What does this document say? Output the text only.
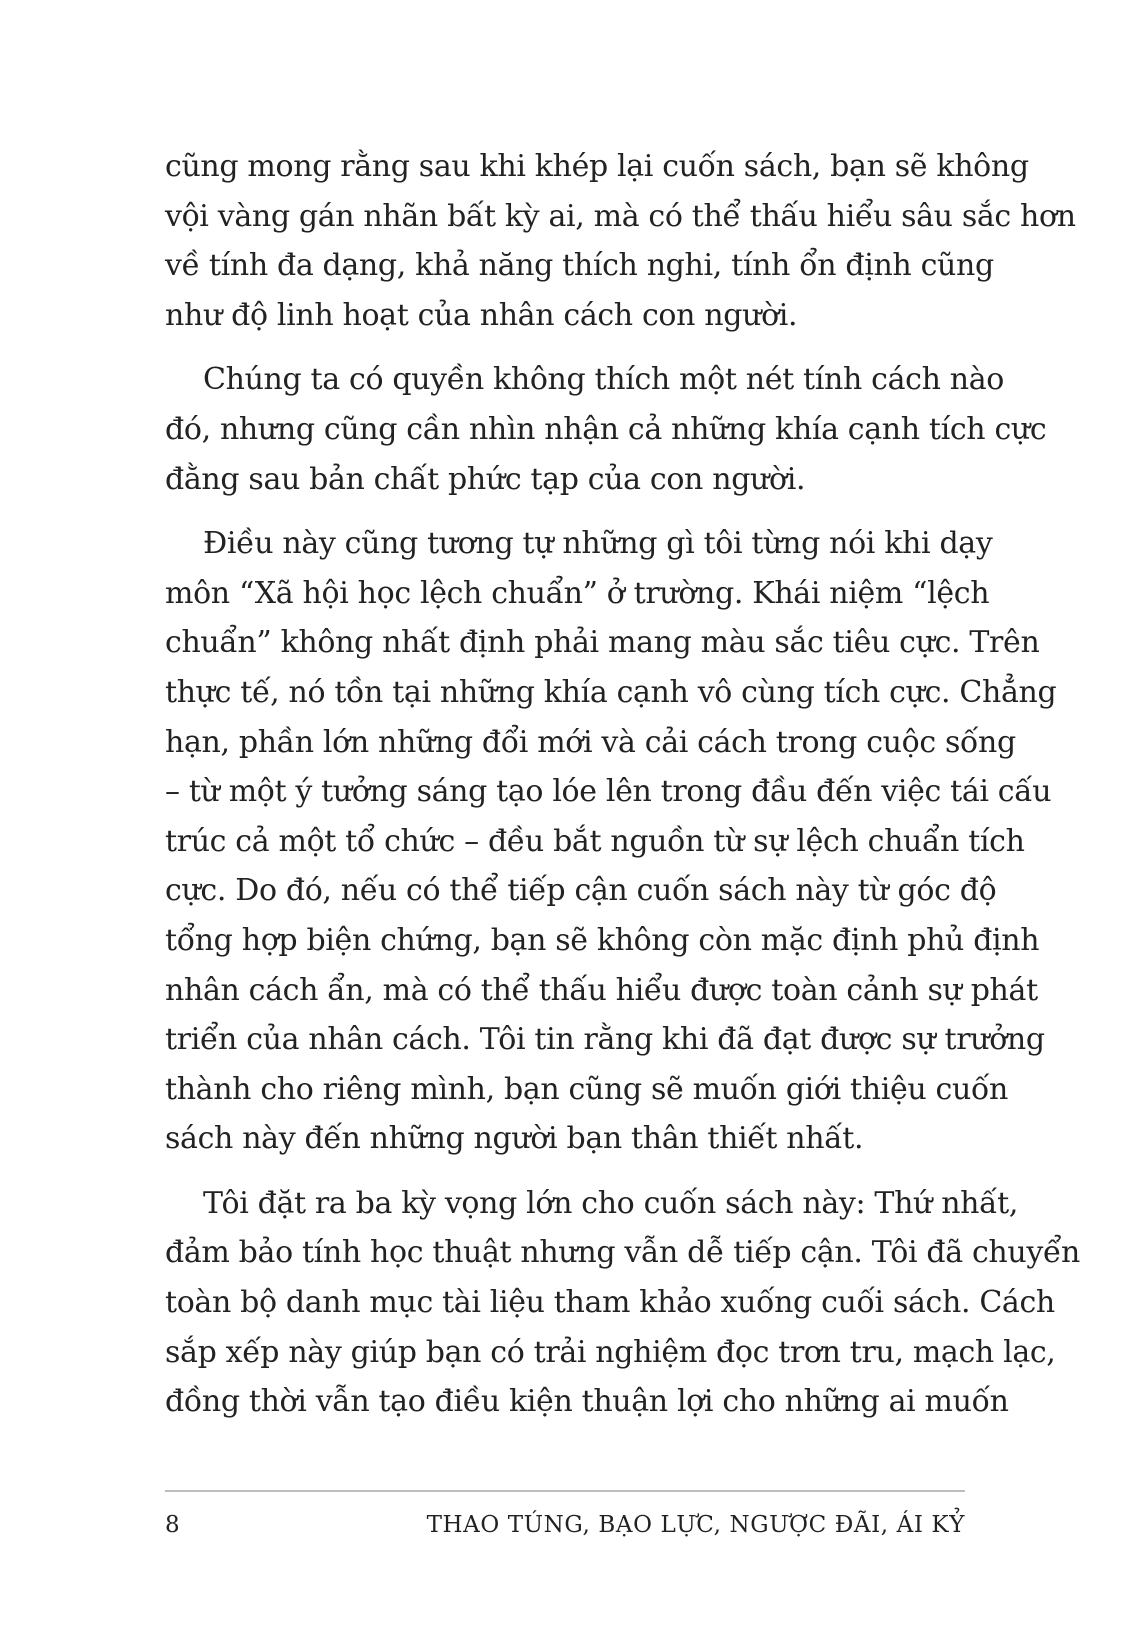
cũng mong rằng sau khi khép lại cuốn sách, bạn sẽ không
vội vàng gán nhãn bất kỳ ai, mà có thể thấu hiểu sâu sắc hơn
về tính đa dạng, khả năng thích nghi, tính ổn định cũng
như độ linh hoạt của nhân cách con người.

Chúng ta có quyền không thích một nét tính cách nào
đó, nhưng cũng cần nhìn nhận cả những khía cạnh tích cực
đằng sau bản chất phức tạp của con người.

Điều này cũng tương tự những gì tôi từng nói khi dạy
môn “Xã hội học lệch chuẩn” ở trường. Khái niệm “lệch
chuẩn” không nhất định phải mang màu sắc tiêu cực. Trên
thực tế, nó tồn tại những khía cạnh vô cùng tích cực. Chẳng
hạn, phần lớn những đổi mới và cải cách trong cuộc sống
– từ một ý tưởng sáng tạo lóe lên trong đầu đến việc tái cấu
trúc cả một tổ chức – đều bắt nguồn từ sự lệch chuẩn tích
cực. Do đó, nếu có thể tiếp cận cuốn sách này từ góc độ
tổng hợp biện chứng, bạn sẽ không còn mặc định phủ định
nhân cách ẩn, mà có thể thấu hiểu được toàn cảnh sự phát
triển của nhân cách. Tôi tin rằng khi đã đạt được sự trưởng
thành cho riêng mình, bạn cũng sẽ muốn giới thiệu cuốn
sách này đến những người bạn thân thiết nhất.

Tôi đặt ra ba kỳ vọng lớn cho cuốn sách này: Thứ nhất,
đảm bảo tính học thuật nhưng vẫn dễ tiếp cận. Tôi đã chuyển
toàn bộ danh mục tài liệu tham khảo xuống cuối sách. Cách
sắp xếp này giúp bạn có trải nghiệm đọc trơn tru, mạch lạc,
đồng thời vẫn tạo điều kiện thuận lợi cho những ai muốn

8	THAO TÚNG, BẠO LỰC, NGƯỢC ĐÃI, ÁI KỶ
